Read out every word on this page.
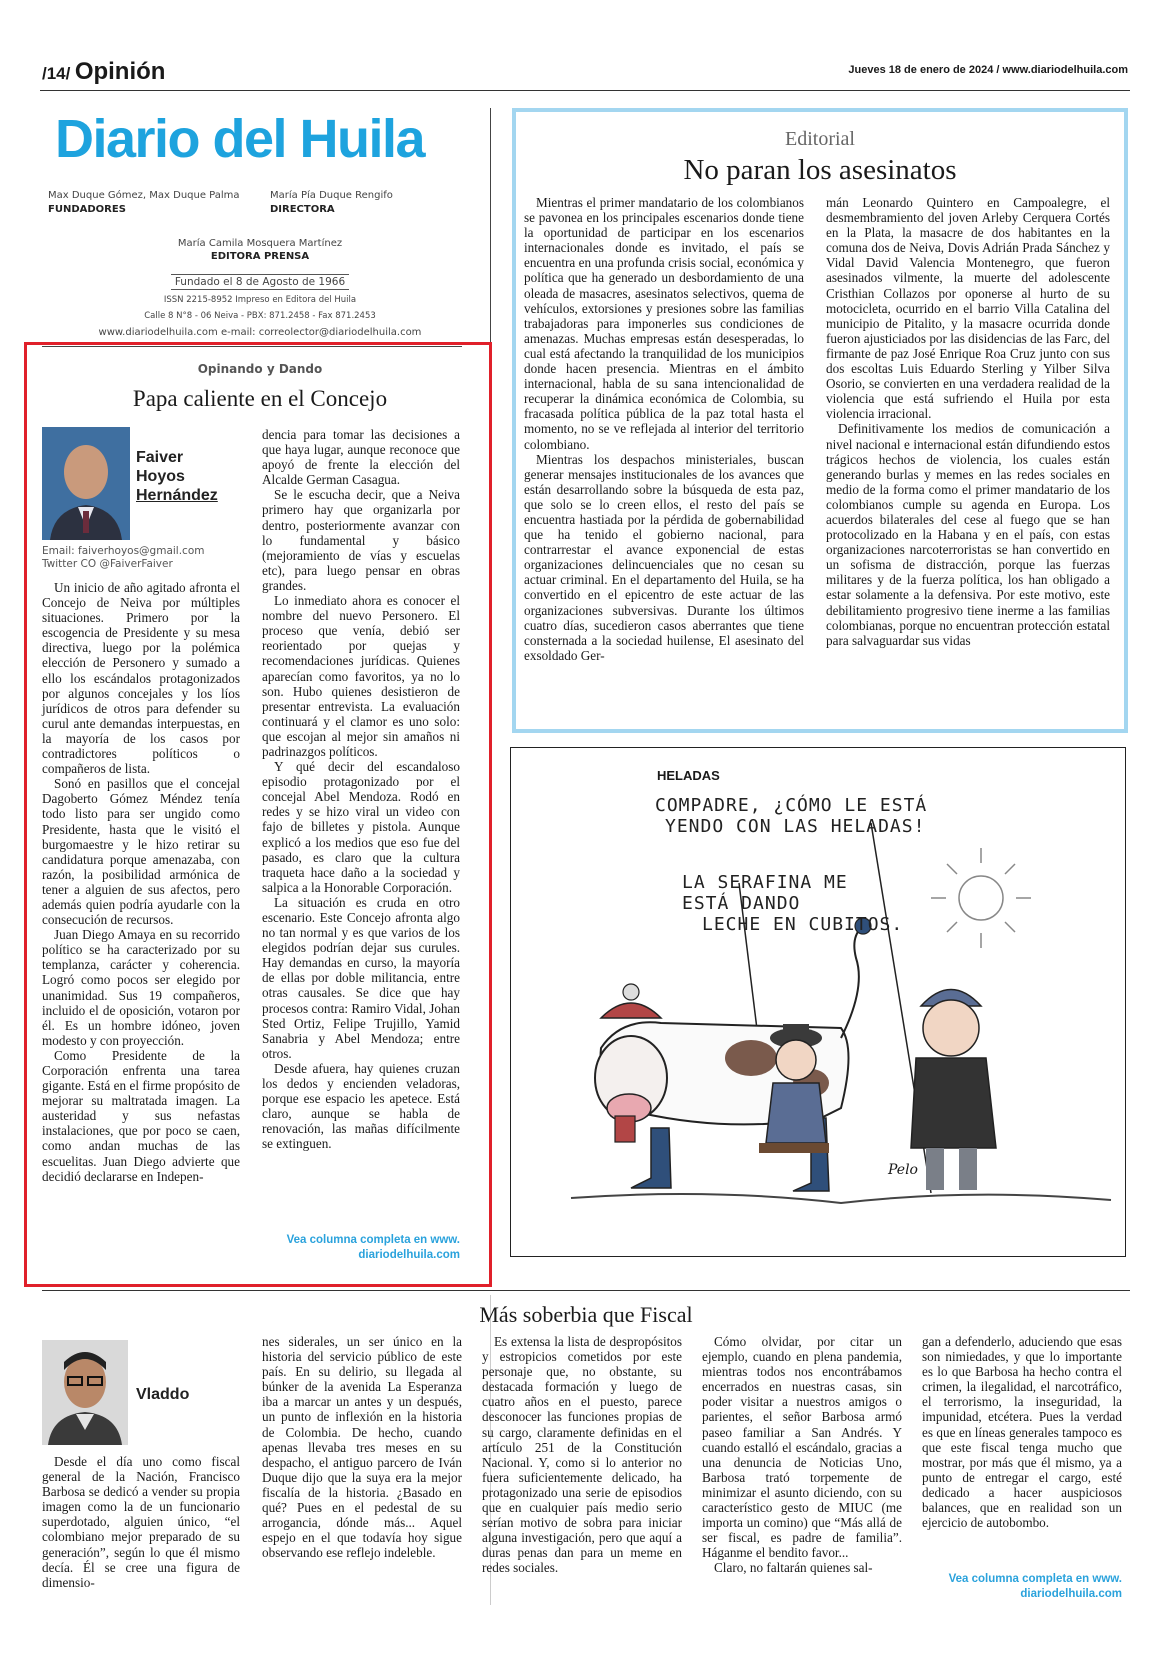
/14/ Opinión	Jueves 18 de enero de 2024 / www.diariodelhuila.com
Diario del Huila
Max Duque Gómez, Max Duque Palma
FUNDADORES
María Pía Duque Rengifo
DIRECTORA
María Camila Mosquera Martínez
EDITORA PRENSA
Fundado el 8 de Agosto de 1966
ISSN 2215-8952 Impreso en Editora del Huila
Calle 8 N°8 - 06 Neiva - PBX: 871.2458 - Fax 871.2453
www.diariodelhuila.com e-mail: correolector@diariodelhuila.com
Opinando y Dando
Papa caliente en el Concejo
Faiver
Hoyos
Hernández
Email: faiverhoyos@gmail.com
Twitter CO @FaiverFaiver

Un inicio de año agitado afronta el Concejo de Neiva por múltiples situaciones. Primero por la escogencia de Presidente y su mesa directiva, luego por la polémica elección de Personero y sumado a ello los escándalos protagonizados por algunos concejales y los líos jurídicos de otros para defender su curul ante demandas interpuestas, en la mayoría de los casos por contradictores políticos o compañeros de lista.

Sonó en pasillos que el concejal Dagoberto Gómez Méndez tenía todo listo para ser ungido como Presidente, hasta que le visitó el burgomaestre y le hizo retirar su candidatura porque amenazaba, con razón, la posibilidad armónica de tener a alguien de sus afectos, pero además quien podría ayudarle con la consecución de recursos.

Juan Diego Amaya en su recorrido político se ha caracterizado por su templanza, carácter y coherencia. Logró como pocos ser elegido por unanimidad. Sus 19 compañeros, incluido el de oposición, votaron por él. Es un hombre idóneo, joven modesto y con proyección.

Como Presidente de la Corporación enfrenta una tarea gigante. Está en el firme propósito de mejorar su maltratada imagen. La austeridad y sus nefastas instalaciones, que por poco se caen, como andan muchas de las escuelitas. Juan Diego advierte que decidió declararse en Indepen-

dencia para tomar las decisiones a que haya lugar, aunque reconoce que apoyó de frente la elección del Alcalde German Casagua.

Se le escucha decir, que a Neiva primero hay que organizarla por dentro, posteriormente avanzar con lo fundamental y básico (mejoramiento de vías y escuelas etc), para luego pensar en obras grandes.

Lo inmediato ahora es conocer el nombre del nuevo Personero. El proceso que venía, debió ser reorientado por quejas y recomendaciones jurídicas. Quienes aparecían como favoritos, ya no lo son. Hubo quienes desistieron de presentar entrevista. La evaluación continuará y el clamor es uno solo: que escojan al mejor sin amaños ni padrinazgos políticos.

Y qué decir del escandaloso episodio protagonizado por el concejal Abel Mendoza. Rodó en redes y se hizo viral un video con fajo de billetes y pistola. Aunque explicó a los medios que eso fue del pasado, es claro que la cultura traqueta hace daño a la sociedad y salpica a la Honorable Corporación.

La situación es cruda en otro escenario. Este Concejo afronta algo no tan normal y es que varios de los elegidos podrían dejar sus curules. Hay demandas en curso, la mayoría de ellas por doble militancia, entre otras causales. Se dice que hay procesos contra: Ramiro Vidal, Johan Sted Ortiz, Felipe Trujillo, Yamid Sanabria y Abel Mendoza; entre otros.

Desde afuera, hay quienes cruzan los dedos y encienden veladoras, porque ese espacio les apetece. Está claro, aunque se habla de renovación, las mañas difícilmente se extinguen.

Vea columna completa en www.
diariodelhuila.com
Editorial
No paran los asesinatos

Mientras el primer mandatario de los colombianos se pavonea en los principales escenarios donde tiene la oportunidad de participar en los escenarios internacionales donde es invitado, el país se encuentra en una profunda crisis social, económica y política que ha generado un desbordamiento de una oleada de masacres, asesinatos selectivos, quema de vehículos, extorsiones y presiones sobre las familias trabajadoras para imponerles sus condiciones de amenazas. Muchas empresas están desesperadas, lo cual está afectando la tranquilidad de los municipios donde hacen presencia. Mientras en el ámbito internacional, habla de su sana intencionalidad de recuperar la dinámica económica de Colombia, su fracasada política pública de la paz total hasta el momento, no se ve reflejada al interior del territorio colombiano.

Mientras los despachos ministeriales, buscan generar mensajes institucionales de los avances que están desarrollando sobre la búsqueda de esta paz, que solo se lo creen ellos, el resto del país se encuentra hastiada por la pérdida de gobernabilidad que ha tenido el gobierno nacional, para contrarrestar el avance exponencial de estas organizaciones delincuenciales que no cesan su actuar criminal. En el departamento del Huila, se ha convertido en el epicentro de este actuar de las organizaciones subversivas. Durante los últimos cuatro días, sucedieron casos aberrantes que tiene consternada a la sociedad huilense, El asesinato del exsoldado Ger-

mán Leonardo Quintero en Campoalegre, el desmembramiento del joven Arleby Cerquera Cortés en la Plata, la masacre de dos habitantes en la comuna dos de Neiva, Dovis Adrián Prada Sánchez y Vidal David Valencia Montenegro, que fueron asesinados vilmente, la muerte del adolescente Cristhian Collazos por oponerse al hurto de su motocicleta, ocurrido en el barrio Villa Catalina del municipio de Pitalito, y la masacre ocurrida donde fueron ajusticiados por las disidencias de las Farc, del firmante de paz José Enrique Roa Cruz junto con sus dos escoltas Luis Eduardo Sterling y Yilber Silva Osorio, se convierten en una verdadera realidad de la violencia que está sufriendo el Huila por esta violencia irracional.

Definitivamente los medios de comunicación a nivel nacional e internacional están difundiendo estos trágicos hechos de violencia, los cuales están generando burlas y memes en las redes sociales en medio de la forma como el primer mandatario de los colombianos cumple su agenda en Europa. Los acuerdos bilaterales del cese al fuego que se han protocolizado en la Habana y en el país, con estas organizaciones narcoterroristas se han convertido en un sofisma de distracción, porque las fuerzas militares y de la fuerza política, los han obligado a estar solamente a la defensiva. Por este motivo, este debilitamiento progresivo tiene inerme a las familias colombianas, porque no encuentran protección estatal para salvaguardar sus vidas

HELADAS
COMPADRE, ¿CÓMO LE ESTÁ
YENDO CON LAS HELADAS!
LA SERAFINA ME
ESTÁ DANDO
LECHE EN CUBITOS.
Pelo
Más soberbia que Fiscal
Vladdo

Desde el día uno como fiscal general de la Nación, Francisco Barbosa se dedicó a vender su propia imagen como la de un funcionario superdotado, alguien único, “el colombiano mejor preparado de su generación”, según lo que él mismo decía. Él se cree una figura de dimensio-

nes siderales, un ser único en la historia del servicio público de este país. En su delirio, su llegada al búnker de la avenida La Esperanza iba a marcar un antes y un después, un punto de inflexión en la historia de Colombia. De hecho, cuando apenas llevaba tres meses en su despacho, el antiguo parcero de Iván Duque dijo que la suya era la mejor fiscalía de la historia. ¿Basado en qué? Pues en el pedestal de su arrogancia, dónde más... Aquel espejo en el que todavía hoy sigue observando ese reflejo indeleble.

Es extensa la lista de despropósitos y estropicios cometidos por este personaje que, no obstante, su destacada formación y luego de cuatro años en el puesto, parece desconocer las funciones propias de su cargo, claramente definidas en el artículo 251 de la Constitución Nacional. Y, como si lo anterior no fuera suficientemente delicado, ha protagonizado una serie de episodios que en cualquier país medio serio serían motivo de sobra para iniciar alguna investigación, pero que aquí a duras penas dan para un meme en redes sociales.

Cómo olvidar, por citar un ejemplo, cuando en plena pandemia, mientras todos nos encontrábamos encerrados en nuestras casas, sin poder visitar a nuestros amigos o parientes, el señor Barbosa armó paseo familiar a San Andrés. Y cuando estalló el escándalo, gracias a una denuncia de Noticias Uno, Barbosa trató torpemente de minimizar el asunto diciendo, con su característico gesto de MIUC (me importa un comino) que “Más allá de ser fiscal, es padre de familia”. Háganme el bendito favor...

Claro, no faltarán quienes sal-

gan a defenderlo, aduciendo que esas son nimiedades, y que lo importante es lo que Barbosa ha hecho contra el crimen, la ilegalidad, el narcotráfico, el terrorismo, la inseguridad, la impunidad, etcétera. Pues la verdad es que en líneas generales tampoco es que este fiscal tenga mucho que mostrar, por más que él mismo, ya a punto de entregar el cargo, esté dedicado a hacer auspiciosos balances, que en realidad son un ejercicio de autobombo.

Vea columna completa en www.
diariodelhuila.com
